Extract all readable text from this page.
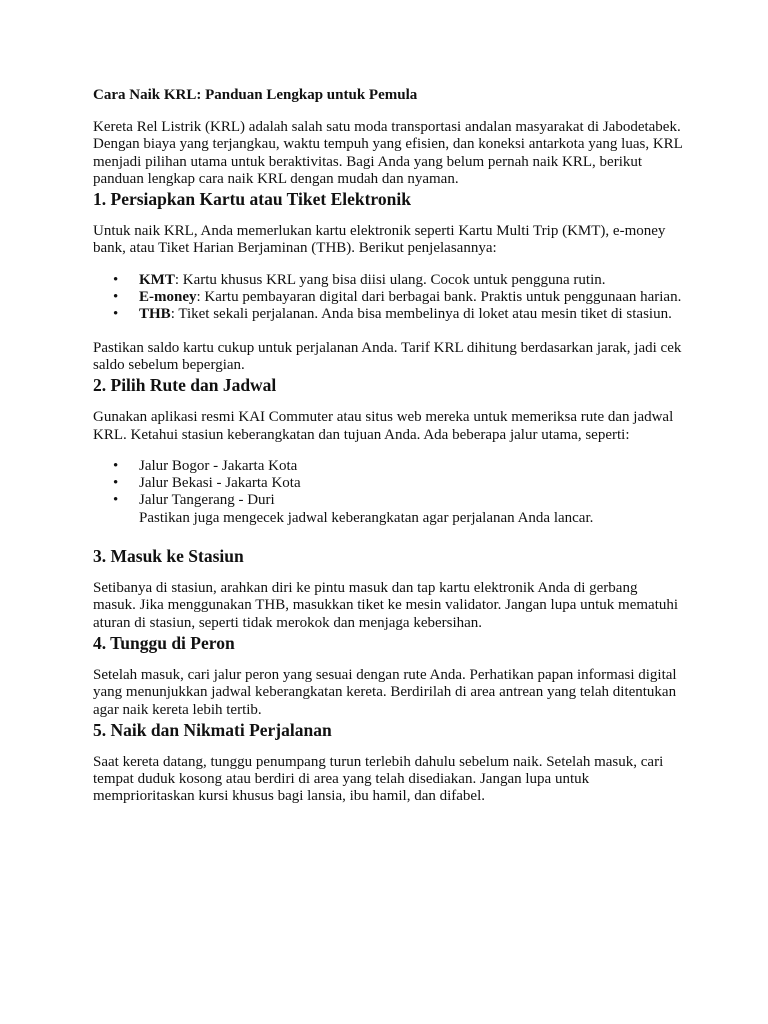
Cara Naik KRL: Panduan Lengkap untuk Pemula

Kereta Rel Listrik (KRL) adalah salah satu moda transportasi andalan masyarakat di Jabodetabek. Dengan biaya yang terjangkau, waktu tempuh yang efisien, dan koneksi antarkota yang luas, KRL menjadi pilihan utama untuk beraktivitas. Bagi Anda yang belum pernah naik KRL, berikut panduan lengkap cara naik KRL dengan mudah dan nyaman.

1. Persiapkan Kartu atau Tiket Elektronik

Untuk naik KRL, Anda memerlukan kartu elektronik seperti Kartu Multi Trip (KMT), e-money bank, atau Tiket Harian Berjaminan (THB). Berikut penjelasannya:

• KMT: Kartu khusus KRL yang bisa diisi ulang. Cocok untuk pengguna rutin.
• E-money: Kartu pembayaran digital dari berbagai bank. Praktis untuk penggunaan harian.
• THB: Tiket sekali perjalanan. Anda bisa membelinya di loket atau mesin tiket di stasiun.

Pastikan saldo kartu cukup untuk perjalanan Anda. Tarif KRL dihitung berdasarkan jarak, jadi cek saldo sebelum bepergian.

2. Pilih Rute dan Jadwal

Gunakan aplikasi resmi KAI Commuter atau situs web mereka untuk memeriksa rute dan jadwal KRL. Ketahui stasiun keberangkatan dan tujuan Anda. Ada beberapa jalur utama, seperti:

• Jalur Bogor - Jakarta Kota
• Jalur Bekasi - Jakarta Kota
• Jalur Tangerang - Duri
Pastikan juga mengecek jadwal keberangkatan agar perjalanan Anda lancar.
3. Masuk ke Stasiun

Setibanya di stasiun, arahkan diri ke pintu masuk dan tap kartu elektronik Anda di gerbang masuk. Jika menggunakan THB, masukkan tiket ke mesin validator. Jangan lupa untuk mematuhi aturan di stasiun, seperti tidak merokok dan menjaga kebersihan.

4. Tunggu di Peron

Setelah masuk, cari jalur peron yang sesuai dengan rute Anda. Perhatikan papan informasi digital yang menunjukkan jadwal keberangkatan kereta. Berdirilah di area antrean yang telah ditentukan agar naik kereta lebih tertib.

5. Naik dan Nikmati Perjalanan

Saat kereta datang, tunggu penumpang turun terlebih dahulu sebelum naik. Setelah masuk, cari tempat duduk kosong atau berdiri di area yang telah disediakan. Jangan lupa untuk memprioritaskan kursi khusus bagi lansia, ibu hamil, dan difabel.
